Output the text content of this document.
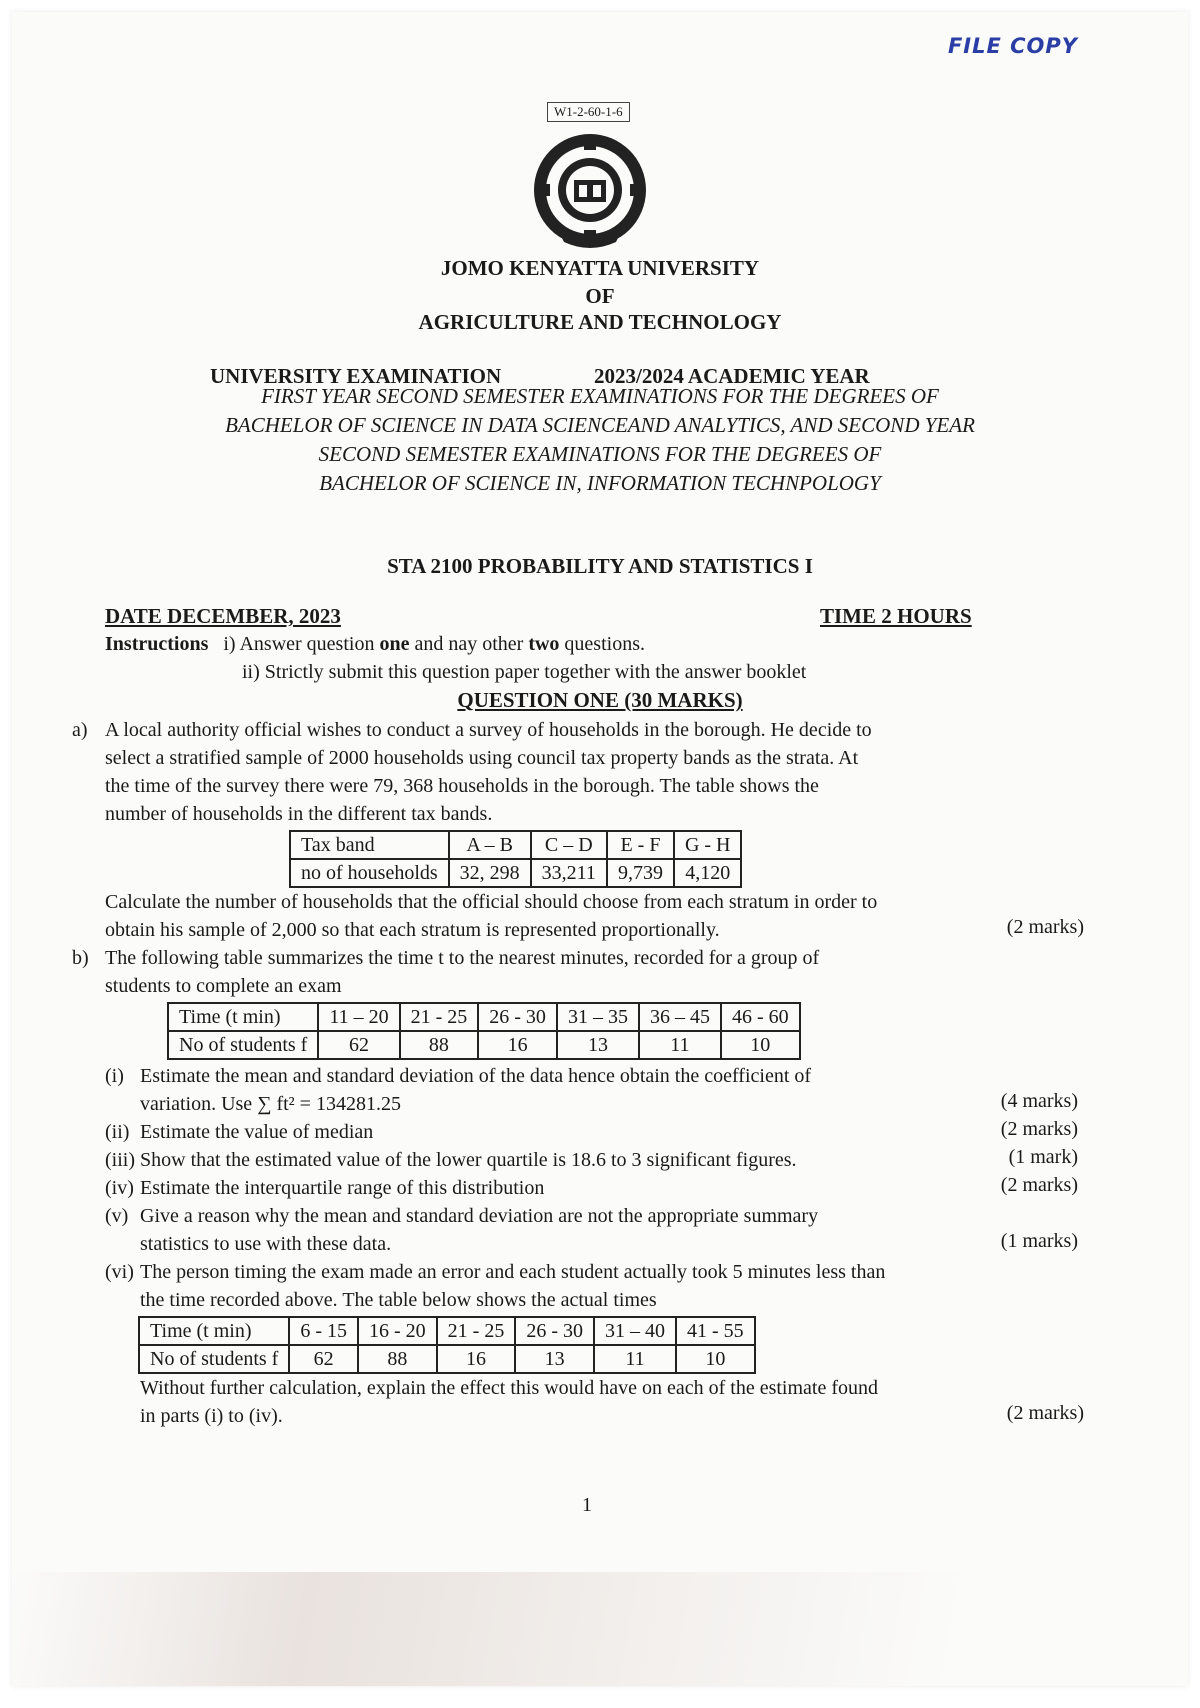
FILE COPY
W1-2-60-1-6
JOMO KENYATTA UNIVERSITY
OF
AGRICULTURE AND TECHNOLOGY
UNIVERSITY EXAMINATION	2023/2024 ACADEMIC YEAR
FIRST YEAR SECOND SEMESTER EXAMINATIONS FOR THE DEGREES OF
BACHELOR OF SCIENCE IN DATA SCIENCEAND ANALYTICS, AND SECOND YEAR
SECOND SEMESTER EXAMINATIONS FOR THE DEGREES OF
BACHELOR OF SCIENCE IN, INFORMATION TECHNPOLOGY
STA 2100 PROBABILITY AND STATISTICS I
DATE DECEMBER, 2023	TIME 2 HOURS
Instructions i) Answer question one and nay other two questions.
ii) Strictly submit this question paper together with the answer booklet
QUESTION ONE (30 MARKS)
a) A local authority official wishes to conduct a survey of households in the borough. He decide to
select a stratified sample of 2000 households using council tax property bands as the strata. At
the time of the survey there were 79, 368 households in the borough. The table shows the
number of households in the different tax bands.
Tax band	A – B	C – D	E - F	G - H
no of households	32, 298	33,211	9,739	4,120
Calculate the number of households that the official should choose from each stratum in order to
obtain his sample of 2,000 so that each stratum is represented proportionally.	(2 marks)
b) The following table summarizes the time t to the nearest minutes, recorded for a group of
students to complete an exam
Time (t min)	11 – 20	21 - 25	26 - 30	31 – 35	36 – 45	46 - 60
No of students f	62	88	16	13	11	10
(i) Estimate the mean and standard deviation of the data hence obtain the coefficient of
variation. Use ∑ ft² = 134281.25	(4 marks)
(ii) Estimate the value of median	(2 marks)
(iii) Show that the estimated value of the lower quartile is 18.6 to 3 significant figures.	(1 mark)
(iv) Estimate the interquartile range of this distribution	(2 marks)
(v) Give a reason why the mean and standard deviation are not the appropriate summary
statistics to use with these data.	(1 marks)
(vi) The person timing the exam made an error and each student actually took 5 minutes less than
the time recorded above. The table below shows the actual times
Time (t min)	6 - 15	16 - 20	21 - 25	26 - 30	31 – 40	41 - 55
No of students f	62	88	16	13	11	10
Without further calculation, explain the effect this would have on each of the estimate found
in parts (i) to (iv).	(2 marks)
1
